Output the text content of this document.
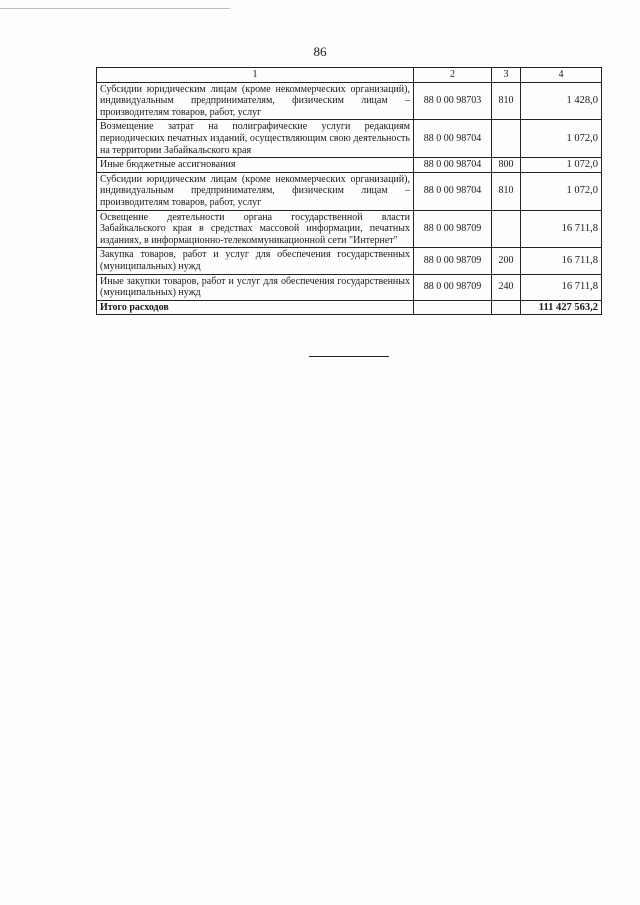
86
1	2	3	4
Субсидии юридическим лицам (кроме некоммерческих организаций), индивидуальным предпринимателям, физическим лицам – производителям товаров, работ, услуг	88 0 00 98703	810	1 428,0
Возмещение затрат на полиграфические услуги редакциям периодических печатных изданий, осуществляющим свою деятельность на территории Забайкальского края	88 0 00 98704		1 072,0
Иные бюджетные ассигнования	88 0 00 98704	800	1 072,0
Субсидии юридическим лицам (кроме некоммерческих организаций), индивидуальным предпринимателям, физическим лицам – производителям товаров, работ, услуг	88 0 00 98704	810	1 072,0
Освещение деятельности органа государственной власти Забайкальского края в средствах массовой информации, печатных изданиях, в информационно-телекоммуникационной сети "Интернет"	88 0 00 98709		16 711,8
Закупка товаров, работ и услуг для обеспечения государственных (муниципальных) нужд	88 0 00 98709	200	16 711,8
Иные закупки товаров, работ и услуг для обеспечения государственных (муниципальных) нужд	88 0 00 98709	240	16 711,8
Итого расходов			111 427 563,2
